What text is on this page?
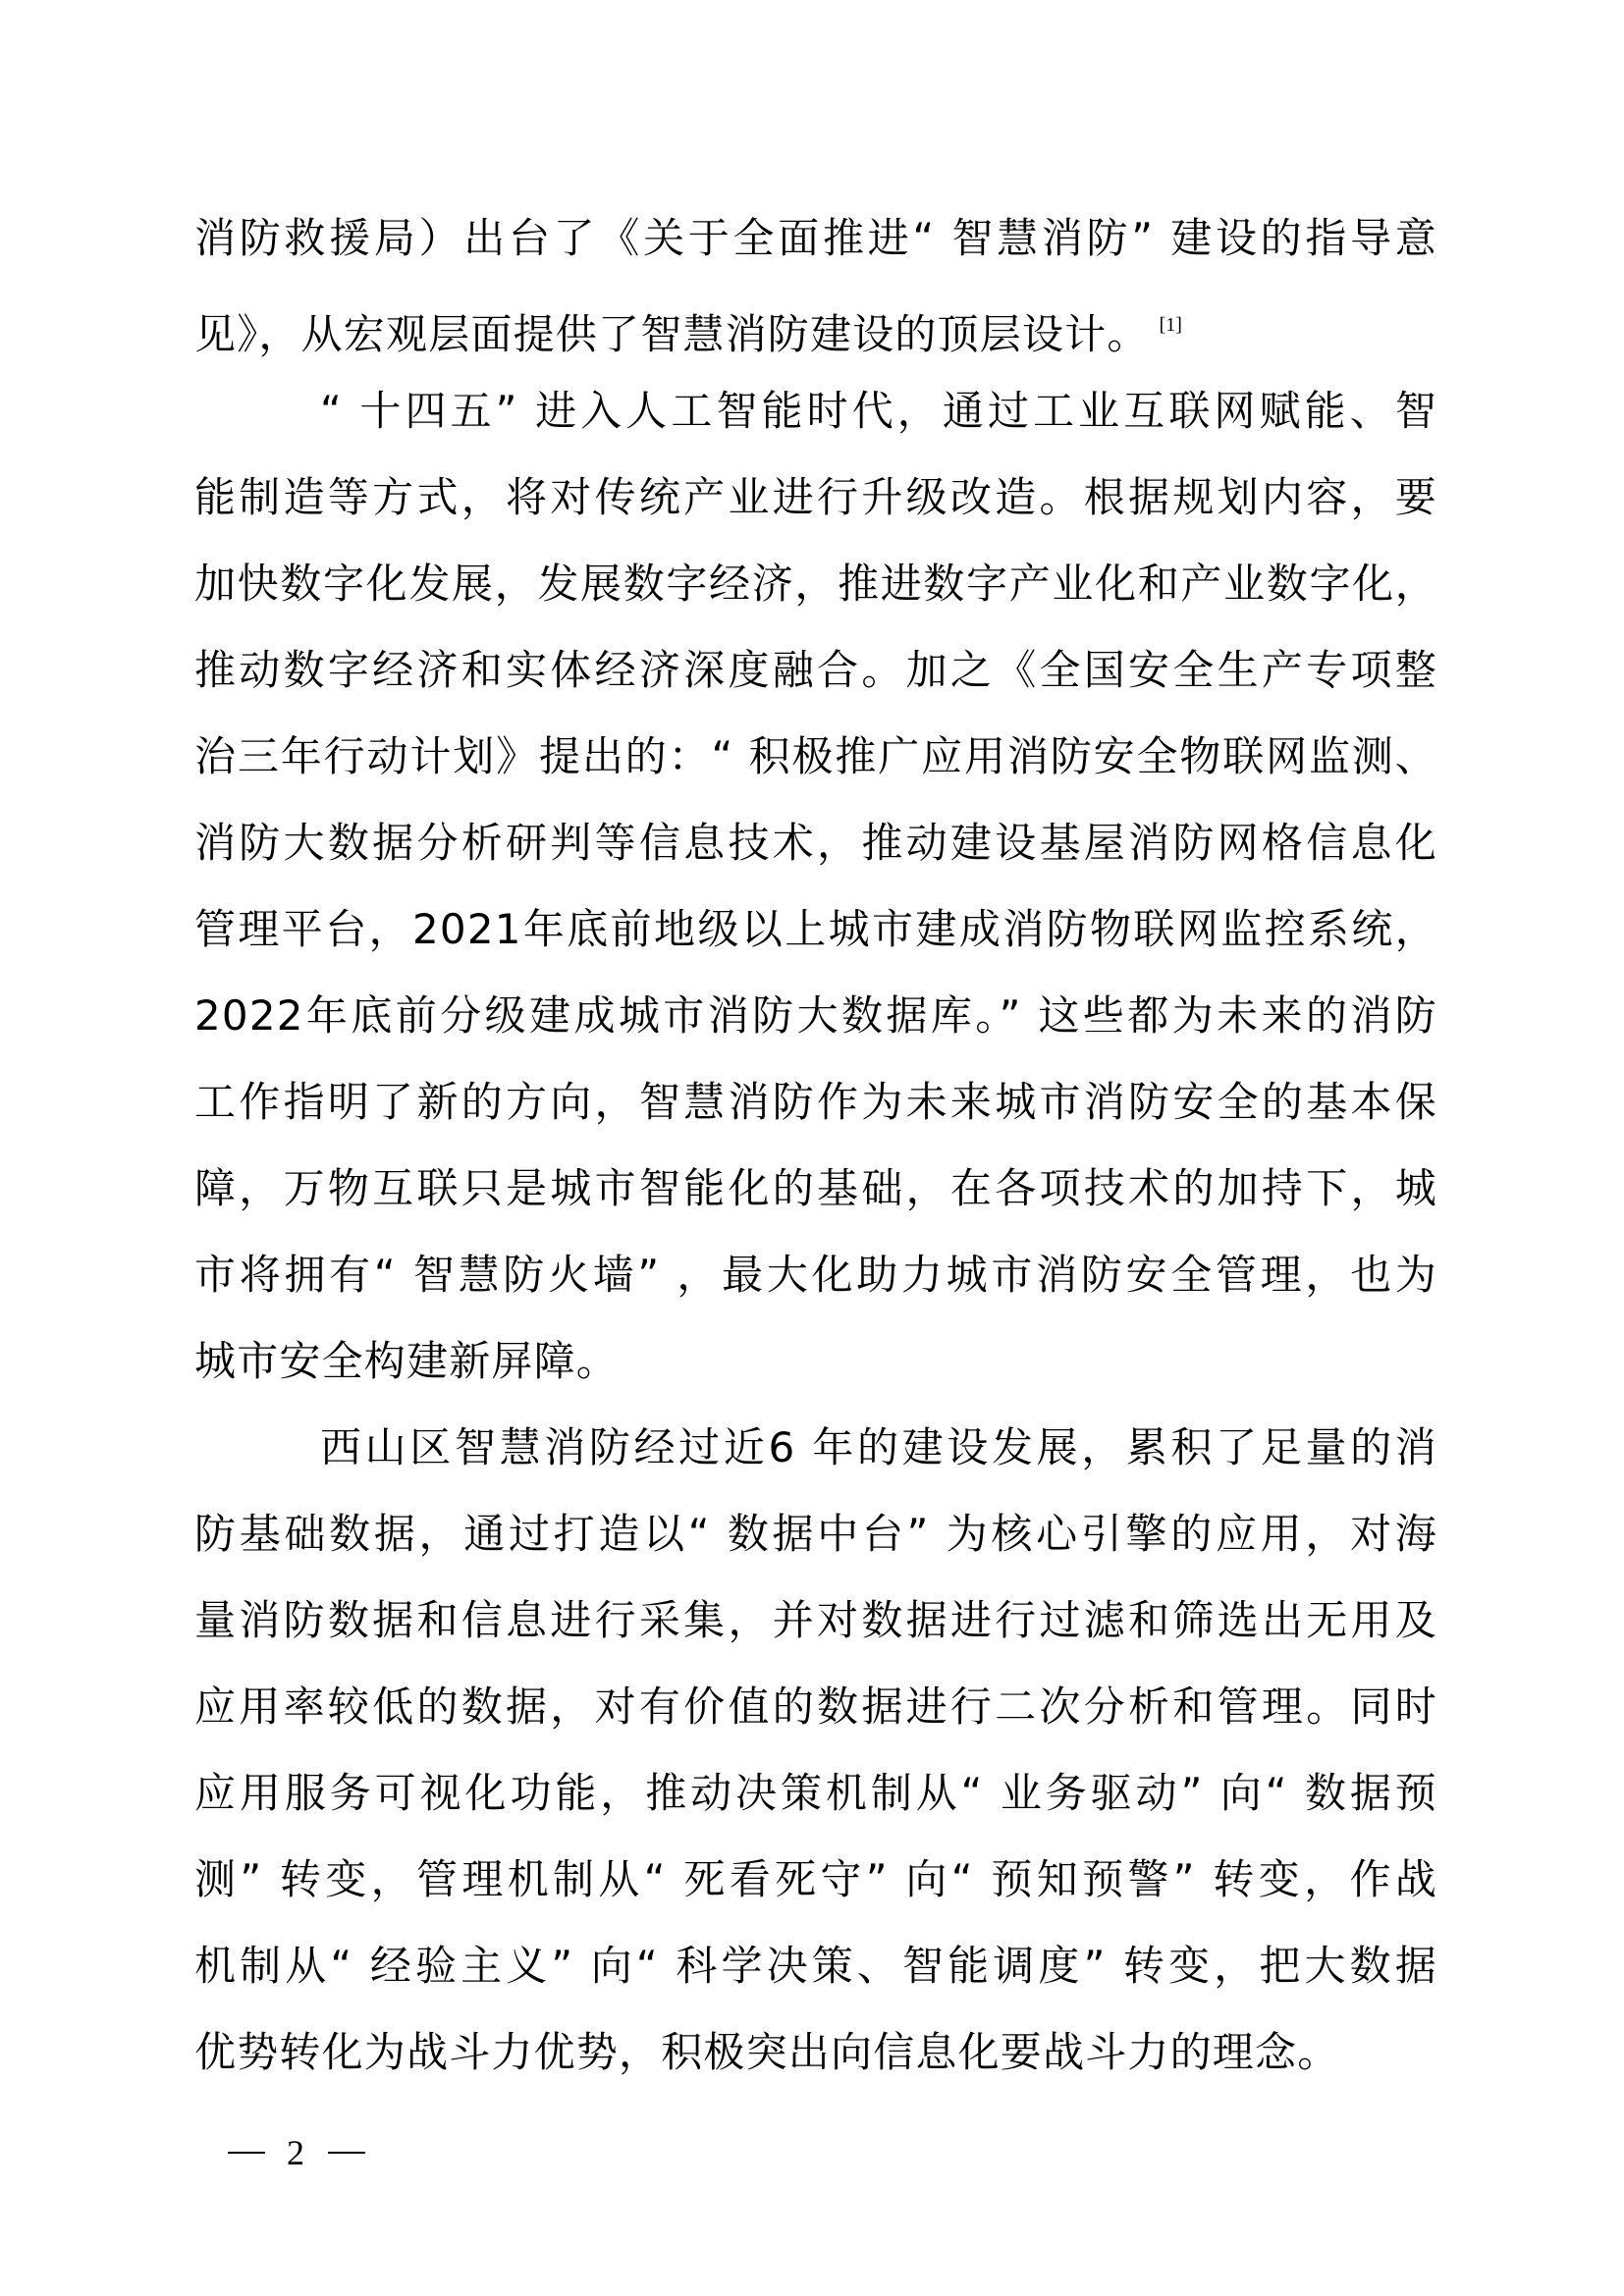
消防救援局）出台了《关于全面推进“ 智慧消防” 建设的指导意
见》，从宏观层面提供了智慧消防建设的顶层设计。 [1]
“ 十四五” 进入人工智能时代，通过工业互联网赋能、智
能制造等方式，将对传统产业进行升级改造。根据规划内容，要
加快数字化发展，发展数字经济，推进数字产业化和产业数字化，
推动数字经济和实体经济深度融合。加之《全国安全生产专项整
治三年行动计划》提出的：“ 积极推广应用消防安全物联网监测、
消防大数据分析研判等信息技术，推动建设基屋消防网格信息化
管理平台，2021年底前地级以上城市建成消防物联网监控系统，
2022年底前分级建成城市消防大数据库。” 这些都为未来的消防
工作指明了新的方向，智慧消防作为未来城市消防安全的基本保
障，万物互联只是城市智能化的基础，在各项技术的加持下，城
市将拥有“ 智慧防火墙” ，最大化助力城市消防安全管理，也为
城市安全构建新屏障。
西山区智慧消防经过近6 年的建设发展，累积了足量的消
防基础数据，通过打造以“ 数据中台” 为核心引擎的应用，对海
量消防数据和信息进行采集，并对数据进行过滤和筛选出无用及
应用率较低的数据，对有价值的数据进行二次分析和管理。同时
应用服务可视化功能，推动决策机制从“ 业务驱动” 向“ 数据预
测” 转变，管理机制从“ 死看死守” 向“ 预知预警” 转变，作战
机制从“ 经验主义” 向“ 科学决策、智能调度” 转变，把大数据
优势转化为战斗力优势，积极突出向信息化要战斗力的理念。
2
